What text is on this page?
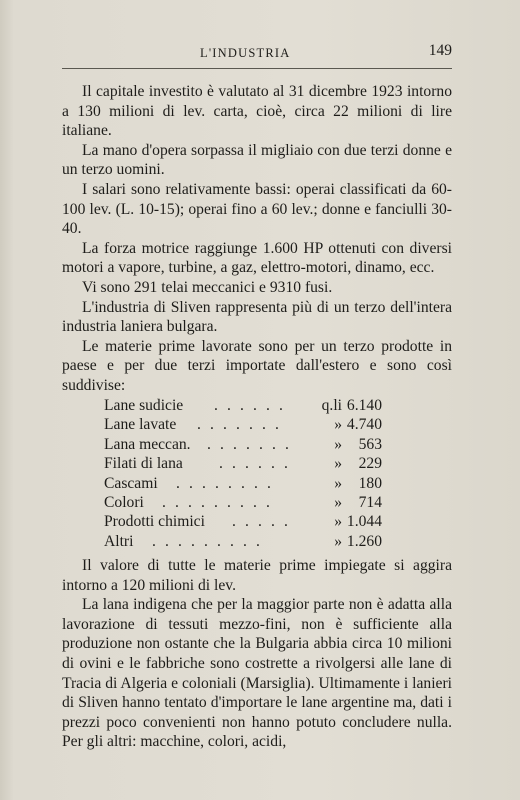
L'INDUSTRIA	149

Il capitale investito è valutato al 31 dicembre 1923 intorno a 130 milioni di lev. carta, cioè, circa 22 milioni di lire italiane.

La mano d'opera sorpassa il migliaio con due terzi donne e un terzo uomini.

I salari sono relativamente bassi: operai classificati da 60-100 lev. (L. 10-15); operai fino a 60 lev.; donne e fanciulli 30-40.

La forza motrice raggiunge 1.600 HP ottenuti con diversi motori a vapore, turbine, a gaz, elettro-motori, dinamo, ecc.

Vi sono 291 telai meccanici e 9310 fusi.

L'industria di Sliven rappresenta più di un terzo dell'intera industria laniera bulgara.

Le materie prime lavorate sono per un terzo prodotte in paese e per due terzi importate dall'estero e sono così suddivise:

Lane sudicie . . . . . . q.li 6.140
Lane lavate . . . . . . .	» 4.740
Lana meccan. . . . . . . .	» 563
Filati di lana . . . . . .	» 229
Cascami . . . . . . . .	» 180
Colori . . . . . . . . .	» 714
Prodotti chimici . . . . .	» 1.044
Altri . . . . . . . . .	» 1.260

Il valore di tutte le materie prime impiegate si aggira intorno a 120 milioni di lev.

La lana indigena che per la maggior parte non è adatta alla lavorazione di tessuti mezzo-fini, non è sufficiente alla produzione non ostante che la Bulgaria abbia circa 10 milioni di ovini e le fabbriche sono costrette a rivolgersi alle lane di Tracia di Algeria e coloniali (Marsiglia). Ultimamente i lanieri di Sliven hanno tentato d'importare le lane argentine ma, dati i prezzi poco convenienti non hanno potuto concludere nulla. Per gli altri: macchine, colori, acidi,
